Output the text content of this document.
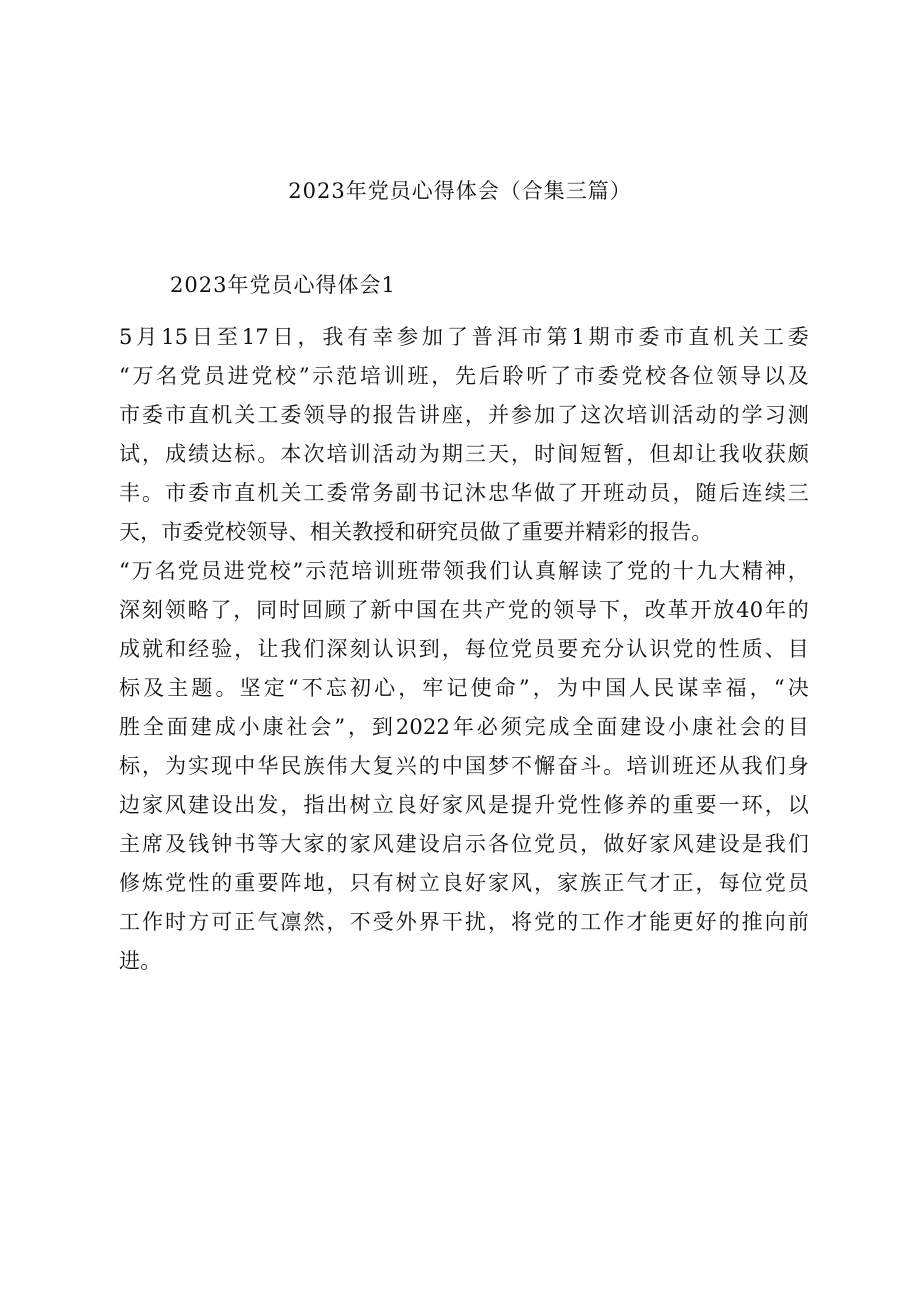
2023年党员心得体会（合集三篇）
2023年党员心得体会1
5月15日至17日，我有幸参加了普洱市第1期市委市直机关工委
“万名党员进党校”示范培训班，先后聆听了市委党校各位领导以及
市委市直机关工委领导的报告讲座，并参加了这次培训活动的学习测
试，成绩达标。本次培训活动为期三天，时间短暂，但却让我收获颇
丰。市委市直机关工委常务副书记沐忠华做了开班动员，随后连续三
天，市委党校领导、相关教授和研究员做了重要并精彩的报告。
“万名党员进党校”示范培训班带领我们认真解读了党的十九大精神，
深刻领略了，同时回顾了新中国在共产党的领导下，改革开放40年的
成就和经验，让我们深刻认识到，每位党员要充分认识党的性质、目
标及主题。坚定“不忘初心，牢记使命”，为中国人民谋幸福，“决
胜全面建成小康社会”，到2022年必须完成全面建设小康社会的目
标，为实现中华民族伟大复兴的中国梦不懈奋斗。培训班还从我们身
边家风建设出发，指出树立良好家风是提升党性修养的重要一环，以
主席及钱钟书等大家的家风建设启示各位党员，做好家风建设是我们
修炼党性的重要阵地，只有树立良好家风，家族正气才正，每位党员
工作时方可正气凛然，不受外界干扰，将党的工作才能更好的推向前
进。
